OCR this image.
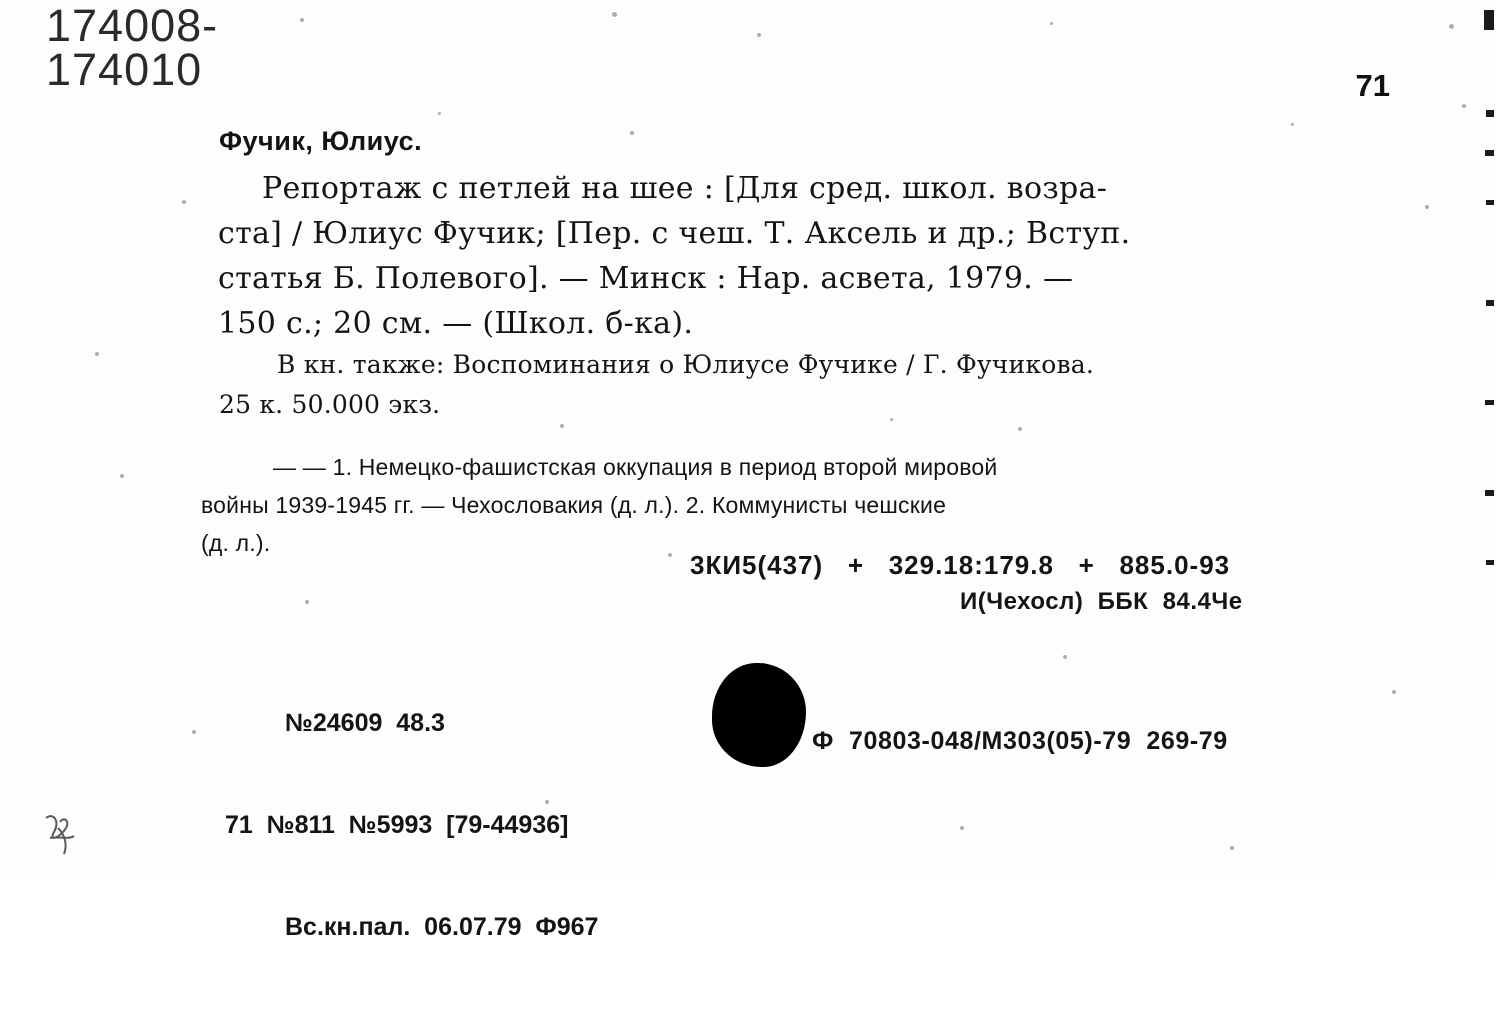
174008-
174010	71
Фучик, Юлиус.
Репортаж с петлей на шее : [Для сред. школ. возра-
ста] / Юлиус Фучик; [Пер. с чеш. Т. Аксель и др.; Вступ.
статья Б. Полевого]. — Минск : Нар. асвета, 1979. —
150 с.; 20 см. — (Школ. б-ка).
В кн. также: Воспоминания о Юлиусе Фучике / Г. Фучикова.
25 к. 50.000 экз.
— — 1. Немецко-фашистская оккупация в период второй мировой
войны 1939-1945 гг. — Чехословакия (д. л.). 2. Коммунисты чешские
(д. л.).
3КИ5(437)   +   329.18:179.8   +   885.0-93
И(Чехосл)  ББК  84.4Че

№24609  48.3

71  №811  №5993  [79-44936]

Вс.кн.пал.  06.07.79  Ф967

Ф  70803-048/М303(05)-79  269-79
